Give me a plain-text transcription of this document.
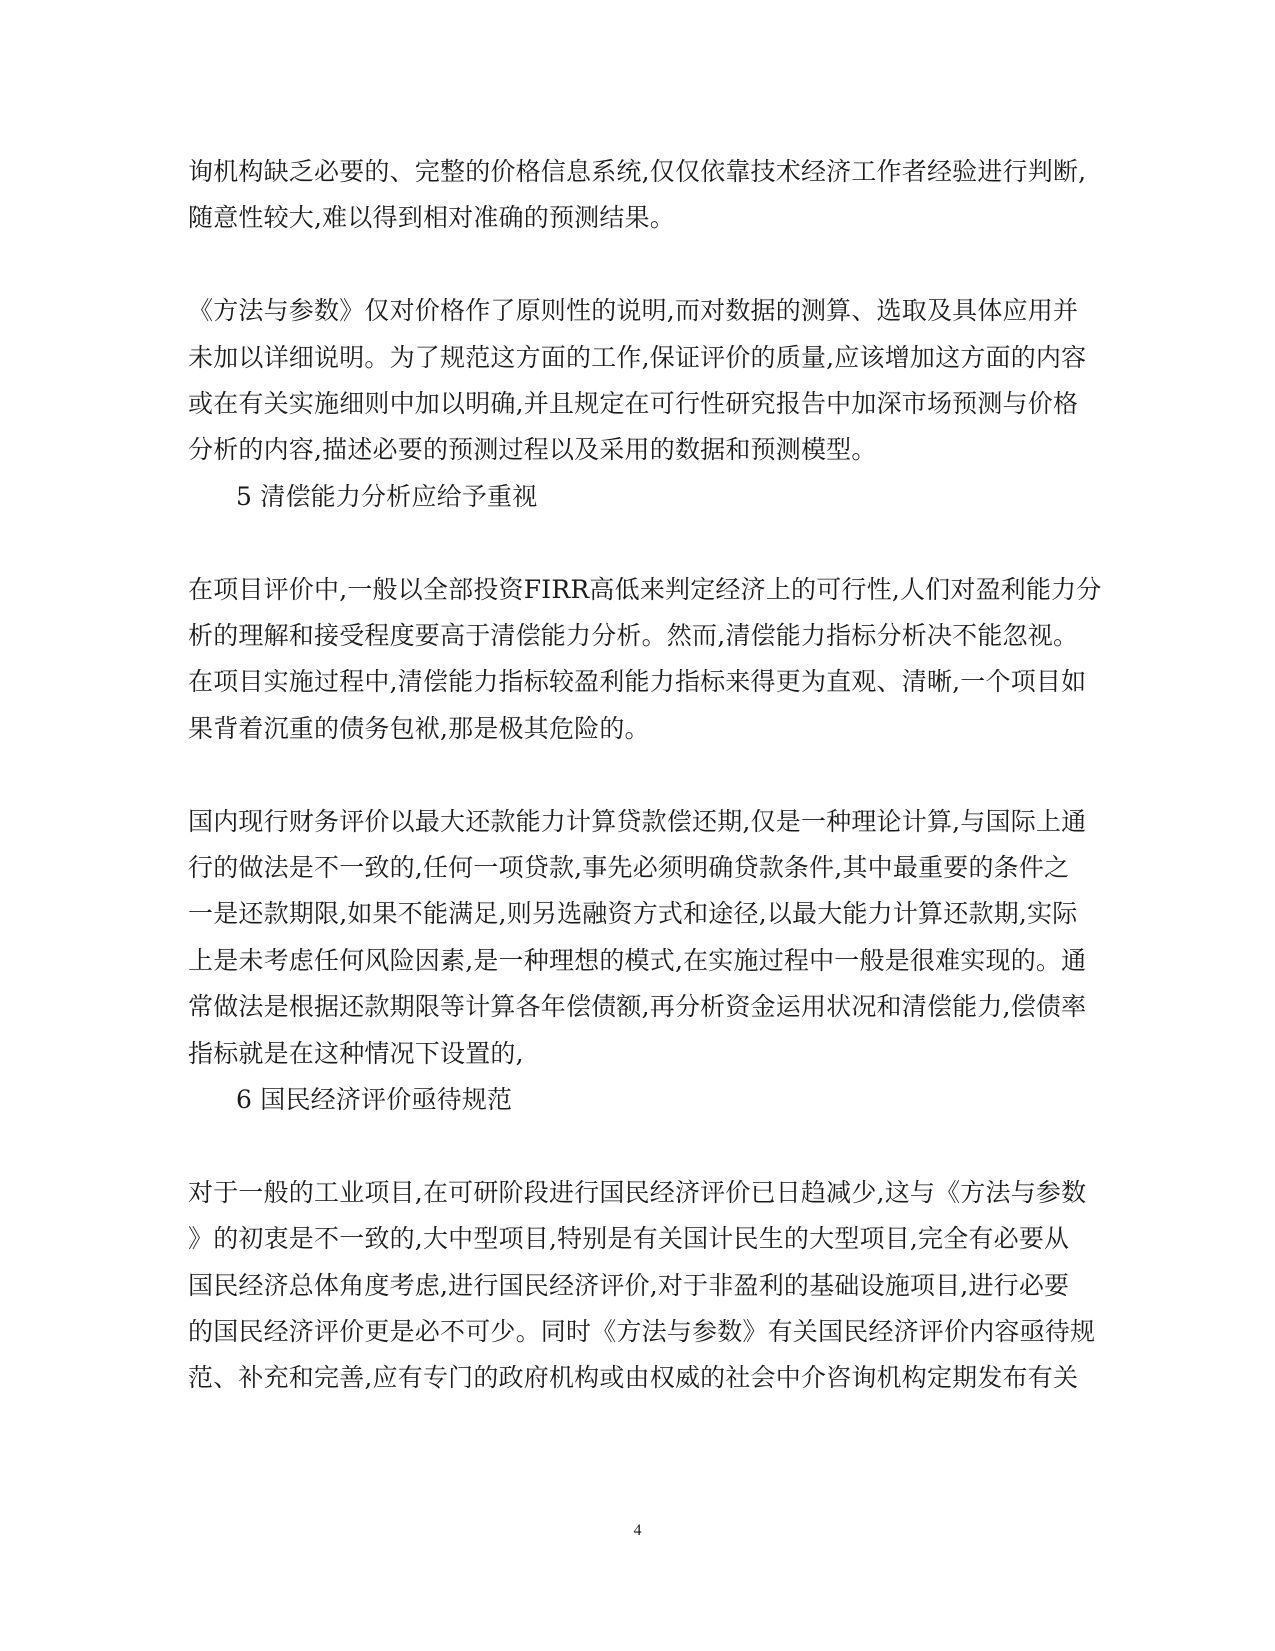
询机构缺乏必要的、完整的价格信息系统,仅仅依靠技术经济工作者经验进行判断,
随意性较大,难以得到相对准确的预测结果。
《方法与参数》仅对价格作了原则性的说明,而对数据的测算、选取及具体应用并
未加以详细说明。为了规范这方面的工作,保证评价的质量,应该增加这方面的内容
或在有关实施细则中加以明确,并且规定在可行性研究报告中加深市场预测与价格
分析的内容,描述必要的预测过程以及采用的数据和预测模型。
5 清偿能力分析应给予重视
在项目评价中,一般以全部投资FIRR高低来判定经济上的可行性,人们对盈利能力分
析的理解和接受程度要高于清偿能力分析。然而,清偿能力指标分析决不能忽视。
在项目实施过程中,清偿能力指标较盈利能力指标来得更为直观、清晰,一个项目如
果背着沉重的债务包袱,那是极其危险的。
国内现行财务评价以最大还款能力计算贷款偿还期,仅是一种理论计算,与国际上通
行的做法是不一致的,任何一项贷款,事先必须明确贷款条件,其中最重要的条件之
一是还款期限,如果不能满足,则另选融资方式和途径,以最大能力计算还款期,实际
上是未考虑任何风险因素,是一种理想的模式,在实施过程中一般是很难实现的。通
常做法是根据还款期限等计算各年偿债额,再分析资金运用状况和清偿能力,偿债率
指标就是在这种情况下设置的,
6 国民经济评价亟待规范
对于一般的工业项目,在可研阶段进行国民经济评价已日趋减少,这与《方法与参数
》的初衷是不一致的,大中型项目,特别是有关国计民生的大型项目,完全有必要从
国民经济总体角度考虑,进行国民经济评价,对于非盈利的基础设施项目,进行必要
的国民经济评价更是必不可少。同时《方法与参数》有关国民经济评价内容亟待规
范、补充和完善,应有专门的政府机构或由权威的社会中介咨询机构定期发布有关
4
